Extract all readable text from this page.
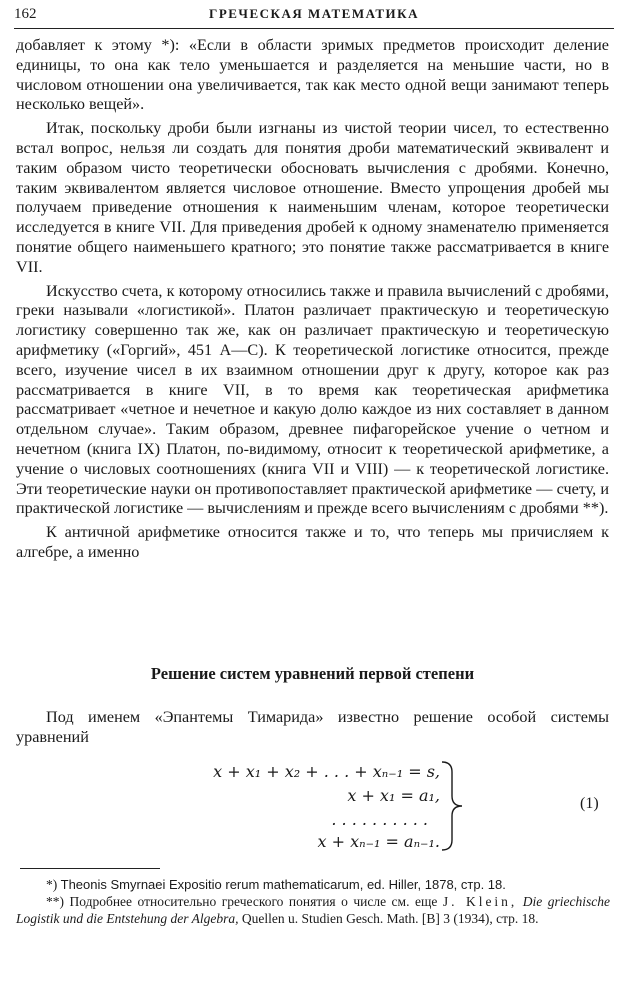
162	ГРЕЧЕСКАЯ МАТЕМАТИКА

добавляет к этому *): «Если в области зримых предметов происходит деление единицы, то она как тело уменьшается и разделяется на меньшие части, но в числовом отношении она увеличивается, так как место одной вещи занимают теперь несколько вещей».

Итак, поскольку дроби были изгнаны из чистой теории чисел, то естественно встал вопрос, нельзя ли создать для понятия дроби математический эквивалент и таким образом чисто теоретически обосновать вычисления с дробями. Конечно, таким эквивалентом является числовое отношение. Вместо упрощения дробей мы получаем приведение отношения к наименьшим членам, которое теоретически исследуется в книге VII. Для приведения дробей к одному знаменателю применяется понятие общего наименьшего кратного; это понятие также рассматривается в книге VII.

Искусство счета, к которому относились также и правила вычислений с дробями, греки называли «логистикой». Платон различает практическую и теоретическую логистику совершенно так же, как он различает практическую и теоретическую арифметику («Горгий», 451 A—C). К теоретической логистике относится, прежде всего, изучение чисел в их взаимном отношении друг к другу, которое как раз рассматривается в книге VII, в то время как теоретическая арифметика рассматривает «четное и нечетное и какую долю каждое из них составляет в данном отдельном случае». Таким образом, древнее пифагорейское учение о четном и нечетном (книга IX) Платон, по-видимому, относит к теоретической арифметике, а учение о числовых соотношениях (книга VII и VIII) — к теоретической логистике. Эти теоретические науки он противопоставляет практической арифметике — счету, и практической логистике — вычислениям и прежде всего вычислениям с дробями **).

К античной арифметике относится также и то, что теперь мы причисляем к алгебре, а именно

Решение систем уравнений первой степени

Под именем «Эпантемы Тимарида» известно решение особой системы уравнений

x + x₁ + x₂ + . . . + xₙ₋₁ = s,
x + x₁ = a₁,
. . . . . . . . . .
x + xₙ₋₁ = aₙ₋₁.
(1)

*) Theonis Smyrnaei Expositio rerum mathematicarum, ed. Hiller, 1878, стр. 18.

**) Подробнее относительно греческого понятия о числе см. еще J. Klein, Die griechische Logistik und die Entstehung der Algebra, Quellen u. Studien Gesch. Math. [B] 3 (1934), стр. 18.
